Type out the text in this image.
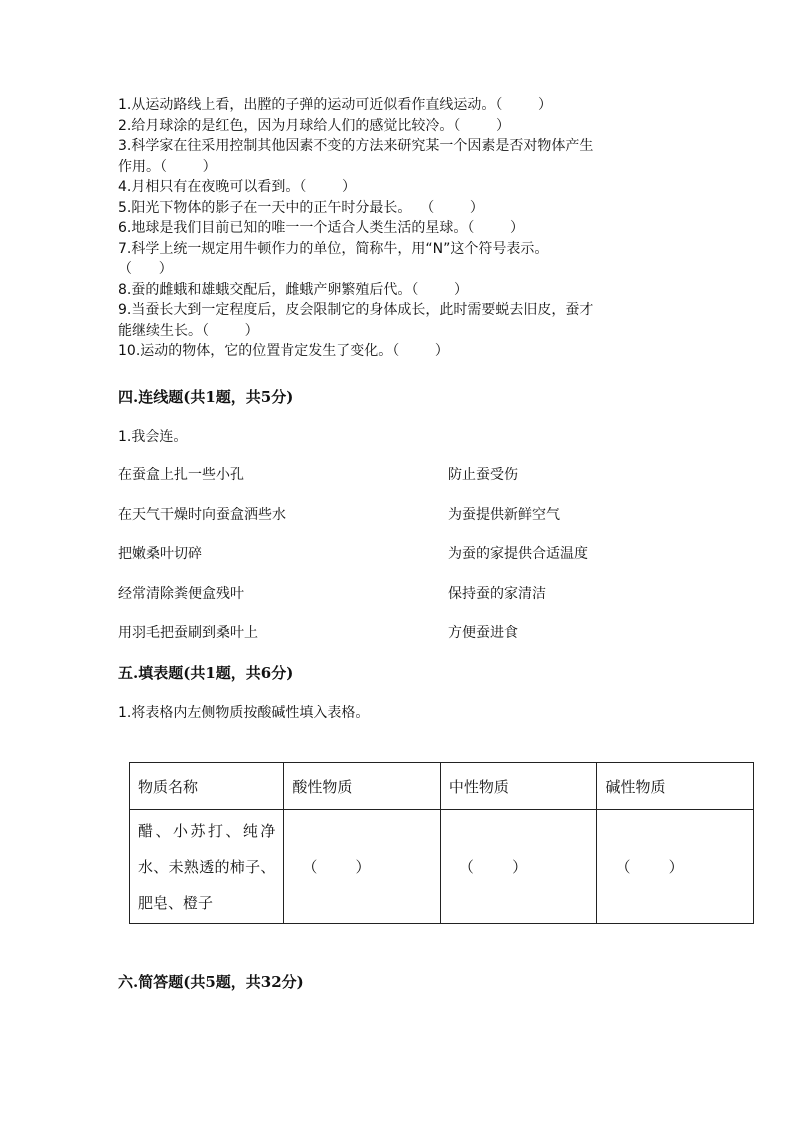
1.从运动路线上看，出膛的子弹的运动可近似看作直线运动。（        ）
2.给月球涂的是红色，因为月球给人们的感觉比较冷。（        ）
3.科学家在往采用控制其他因素不变的方法来研究某一个因素是否对物体产生
作用。（        ）
4.月相只有在夜晚可以看到。（        ）
5.阳光下物体的影子在一天中的正午时分最长。  （        ）
6.地球是我们目前已知的唯一一个适合人类生活的星球。（        ）
7.科学上统一规定用牛顿作力的单位，简称牛，用“N”这个符号表示。
（      ）
8.蚕的雌蛾和雄蛾交配后，雌蛾产卵繁殖后代。（        ）
9.当蚕长大到一定程度后，皮会限制它的身体成长，此时需要蜕去旧皮，蚕才
能继续生长。（        ）
10.运动的物体，它的位置肯定发生了变化。（        ）
四.连线题(共1题，共5分)
1.我会连。
在蚕盒上扎一些小孔	防止蚕受伤
在天气干燥时向蚕盒洒些水	为蚕提供新鲜空气
把嫩桑叶切碎	为蚕的家提供合适温度
经常清除粪便盒残叶	保持蚕的家清洁
用羽毛把蚕刷到桑叶上	方便蚕进食
五.填表题(共1题，共6分)
1.将表格内左侧物质按酸碱性填入表格。
物质名称	酸性物质	中性物质	碱性物质

醋、小苏打、纯净水、未熟透的柿子、肥皂、橙子	（        ）	（        ）	（        ）
六.简答题(共5题，共32分)
